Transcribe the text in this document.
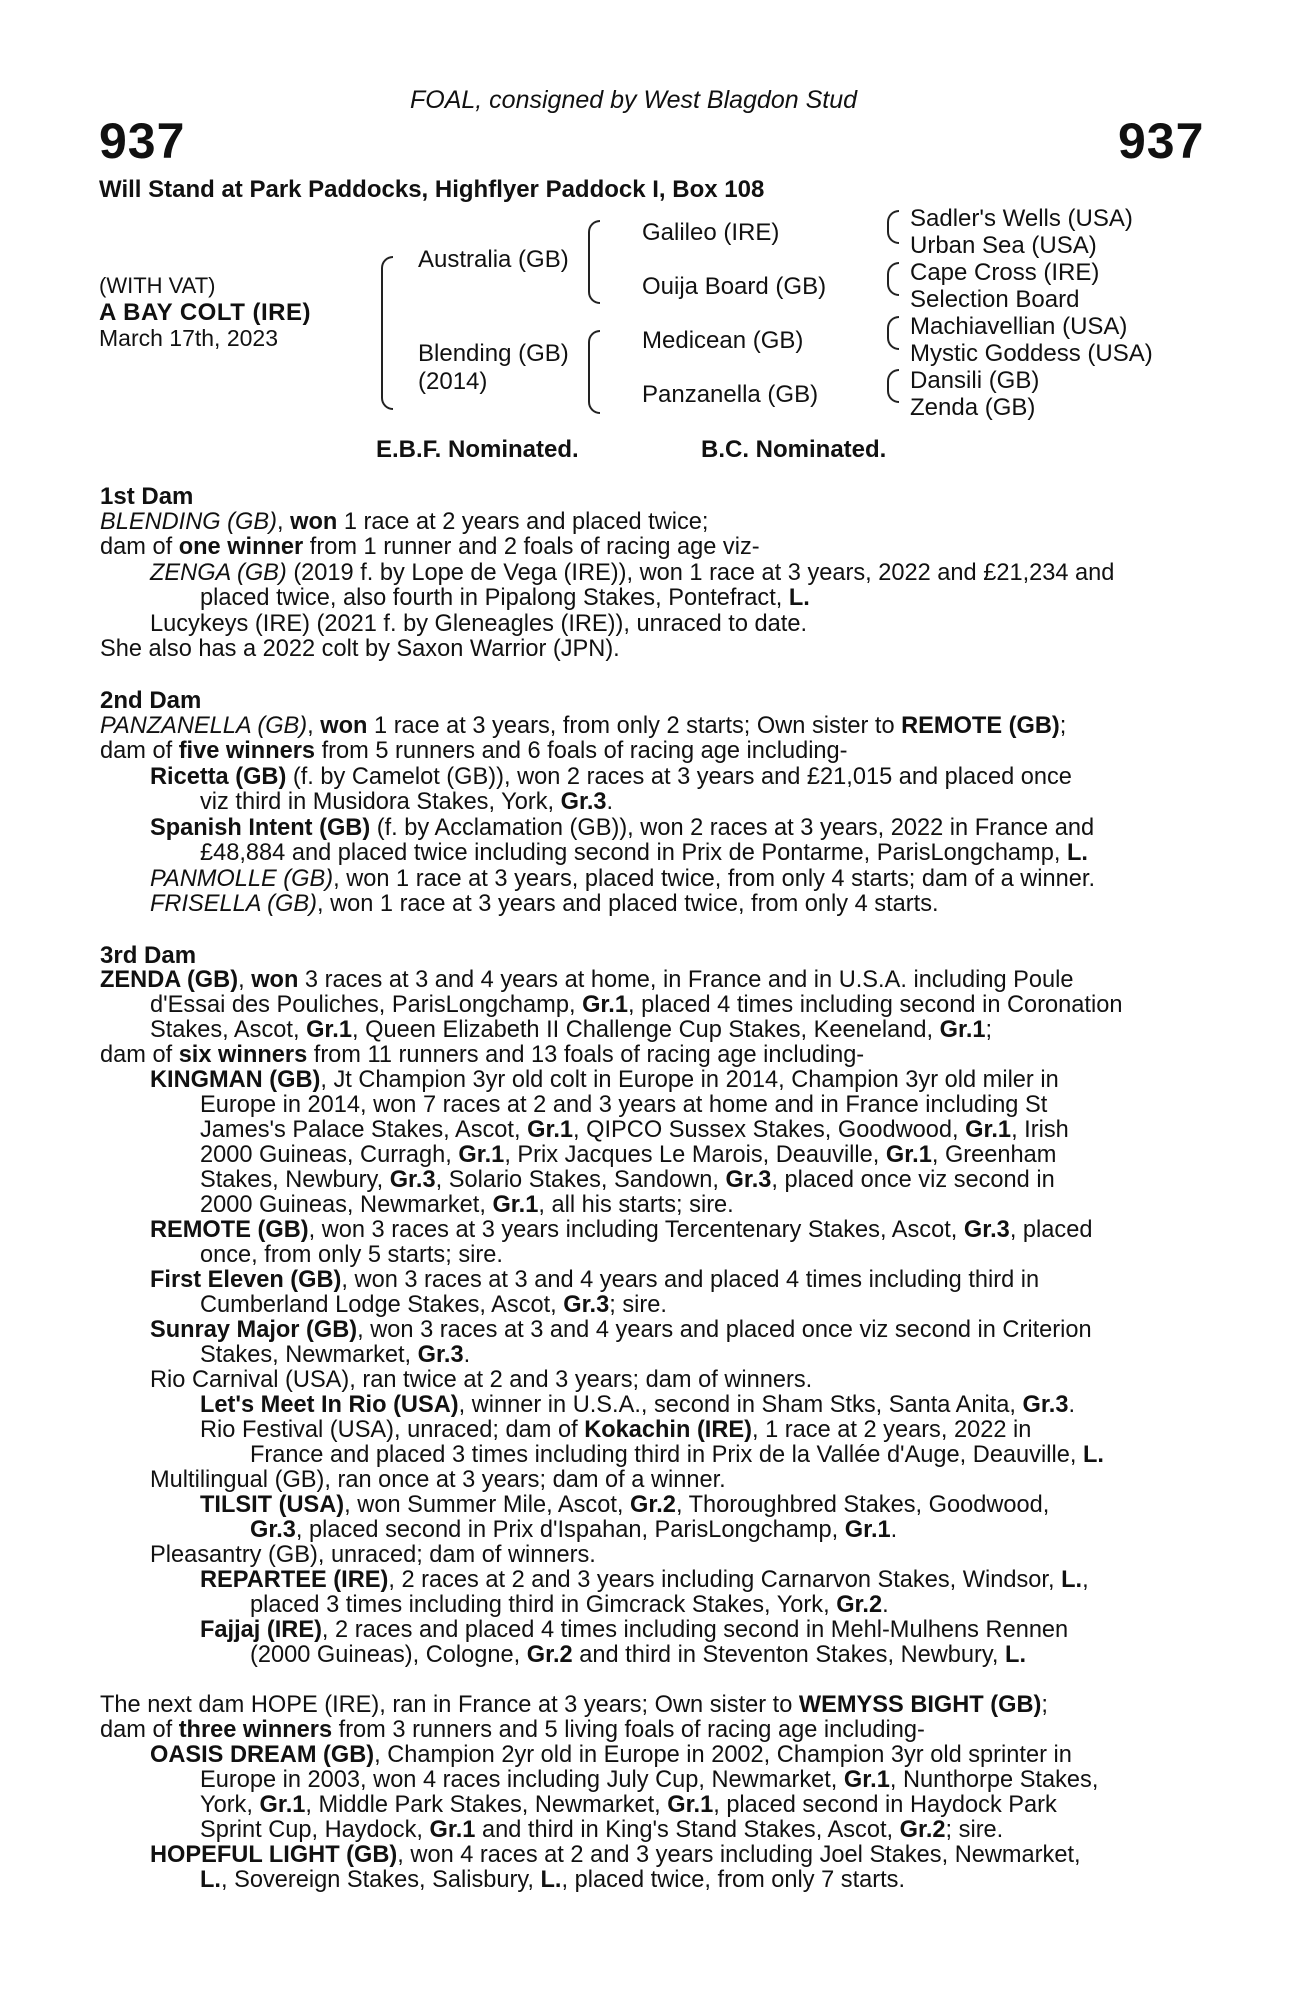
FOAL, consigned by West Blagdon Stud
937	937
Will Stand at Park Paddocks, Highflyer Paddock I, Box 108
(WITH VAT)
A BAY COLT (IRE)
March 17th, 2023
Australia (GB)
Blending (GB)
(2014)
Galileo (IRE)
Ouija Board (GB)
Medicean (GB)
Panzanella (GB)
Sadler's Wells (USA)
Urban Sea (USA)
Cape Cross (IRE)
Selection Board
Machiavellian (USA)
Mystic Goddess (USA)
Dansili (GB)
Zenda (GB)
E.B.F. Nominated.	B.C. Nominated.
1st Dam
BLENDING (GB), won 1 race at 2 years and placed twice;
dam of one winner from 1 runner and 2 foals of racing age viz-
ZENGA (GB) (2019 f. by Lope de Vega (IRE)), won 1 race at 3 years, 2022 and £21,234 and
placed twice, also fourth in Pipalong Stakes, Pontefract, L.
Lucykeys (IRE) (2021 f. by Gleneagles (IRE)), unraced to date.
She also has a 2022 colt by Saxon Warrior (JPN).
2nd Dam
PANZANELLA (GB), won 1 race at 3 years, from only 2 starts; Own sister to REMOTE (GB);
dam of five winners from 5 runners and 6 foals of racing age including-
Ricetta (GB) (f. by Camelot (GB)), won 2 races at 3 years and £21,015 and placed once
viz third in Musidora Stakes, York, Gr.3.
Spanish Intent (GB) (f. by Acclamation (GB)), won 2 races at 3 years, 2022 in France and
£48,884 and placed twice including second in Prix de Pontarme, ParisLongchamp, L.
PANMOLLE (GB), won 1 race at 3 years, placed twice, from only 4 starts; dam of a winner.
FRISELLA (GB), won 1 race at 3 years and placed twice, from only 4 starts.
3rd Dam
ZENDA (GB), won 3 races at 3 and 4 years at home, in France and in U.S.A. including Poule
d'Essai des Pouliches, ParisLongchamp, Gr.1, placed 4 times including second in Coronation
Stakes, Ascot, Gr.1, Queen Elizabeth II Challenge Cup Stakes, Keeneland, Gr.1;
dam of six winners from 11 runners and 13 foals of racing age including-
KINGMAN (GB), Jt Champion 3yr old colt in Europe in 2014, Champion 3yr old miler in
Europe in 2014, won 7 races at 2 and 3 years at home and in France including St
James's Palace Stakes, Ascot, Gr.1, QIPCO Sussex Stakes, Goodwood, Gr.1, Irish
2000 Guineas, Curragh, Gr.1, Prix Jacques Le Marois, Deauville, Gr.1, Greenham
Stakes, Newbury, Gr.3, Solario Stakes, Sandown, Gr.3, placed once viz second in
2000 Guineas, Newmarket, Gr.1, all his starts; sire.
REMOTE (GB), won 3 races at 3 years including Tercentenary Stakes, Ascot, Gr.3, placed
once, from only 5 starts; sire.
First Eleven (GB), won 3 races at 3 and 4 years and placed 4 times including third in
Cumberland Lodge Stakes, Ascot, Gr.3; sire.
Sunray Major (GB), won 3 races at 3 and 4 years and placed once viz second in Criterion
Stakes, Newmarket, Gr.3.
Rio Carnival (USA), ran twice at 2 and 3 years; dam of winners.
Let's Meet In Rio (USA), winner in U.S.A., second in Sham Stks, Santa Anita, Gr.3.
Rio Festival (USA), unraced; dam of Kokachin (IRE), 1 race at 2 years, 2022 in
France and placed 3 times including third in Prix de la Vallée d'Auge, Deauville, L.
Multilingual (GB), ran once at 3 years; dam of a winner.
TILSIT (USA), won Summer Mile, Ascot, Gr.2, Thoroughbred Stakes, Goodwood,
Gr.3, placed second in Prix d'Ispahan, ParisLongchamp, Gr.1.
Pleasantry (GB), unraced; dam of winners.
REPARTEE (IRE), 2 races at 2 and 3 years including Carnarvon Stakes, Windsor, L.,
placed 3 times including third in Gimcrack Stakes, York, Gr.2.
Fajjaj (IRE), 2 races and placed 4 times including second in Mehl-Mulhens Rennen
(2000 Guineas), Cologne, Gr.2 and third in Steventon Stakes, Newbury, L.
The next dam HOPE (IRE), ran in France at 3 years; Own sister to WEMYSS BIGHT (GB);
dam of three winners from 3 runners and 5 living foals of racing age including-
OASIS DREAM (GB), Champion 2yr old in Europe in 2002, Champion 3yr old sprinter in
Europe in 2003, won 4 races including July Cup, Newmarket, Gr.1, Nunthorpe Stakes,
York, Gr.1, Middle Park Stakes, Newmarket, Gr.1, placed second in Haydock Park
Sprint Cup, Haydock, Gr.1 and third in King's Stand Stakes, Ascot, Gr.2; sire.
HOPEFUL LIGHT (GB), won 4 races at 2 and 3 years including Joel Stakes, Newmarket,
L., Sovereign Stakes, Salisbury, L., placed twice, from only 7 starts.
